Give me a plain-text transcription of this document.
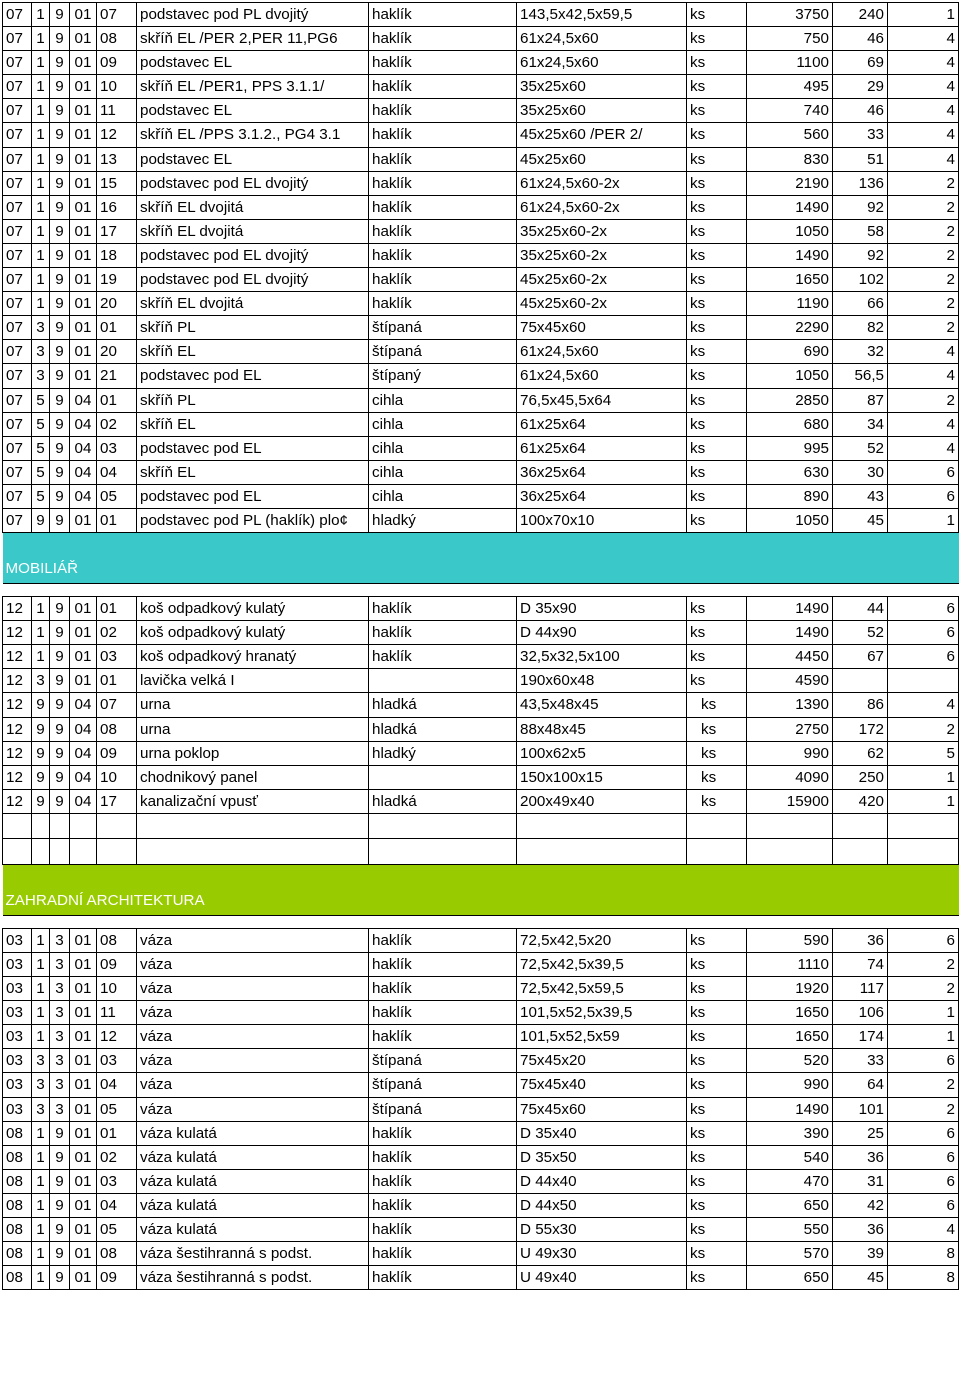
07	1	9	01	07	podstavec pod PL dvojitý	haklík	143,5x42,5x59,5	ks	3750	240	1
07	1	9	01	08	skříň EL /PER 2,PER 11,PG6	haklík	61x24,5x60	ks	750	46	4
07	1	9	01	09	podstavec EL	haklík	61x24,5x60	ks	1100	69	4
07	1	9	01	10	skříň EL /PER1, PPS 3.1.1/	haklík	35x25x60	ks	495	29	4
07	1	9	01	11	podstavec EL	haklík	35x25x60	ks	740	46	4
07	1	9	01	12	skříň EL /PPS 3.1.2., PG4 3.1	haklík	45x25x60 /PER 2/	ks	560	33	4
07	1	9	01	13	podstavec EL	haklík	45x25x60	ks	830	51	4
07	1	9	01	15	podstavec pod EL dvojitý	haklík	61x24,5x60-2x	ks	2190	136	2
07	1	9	01	16	skříň EL dvojitá	haklík	61x24,5x60-2x	ks	1490	92	2
07	1	9	01	17	skříň EL dvojitá	haklík	35x25x60-2x	ks	1050	58	2
07	1	9	01	18	podstavec pod EL dvojitý	haklík	35x25x60-2x	ks	1490	92	2
07	1	9	01	19	podstavec pod EL dvojitý	haklík	45x25x60-2x	ks	1650	102	2
07	1	9	01	20	skříň EL dvojitá	haklík	45x25x60-2x	ks	1190	66	2
07	3	9	01	01	skříň PL	štípaná	75x45x60	ks	2290	82	2
07	3	9	01	20	skříň EL	štípaná	61x24,5x60	ks	690	32	4
07	3	9	01	21	podstavec pod EL	štípaný	61x24,5x60	ks	1050	56,5	4
07	5	9	04	01	skříň PL	cihla	76,5x45,5x64	ks	2850	87	2
07	5	9	04	02	skříň EL	cihla	61x25x64	ks	680	34	4
07	5	9	04	03	podstavec pod EL	cihla	61x25x64	ks	995	52	4
07	5	9	04	04	skříň EL	cihla	36x25x64	ks	630	30	6
07	5	9	04	05	podstavec pod EL	cihla	36x25x64	ks	890	43	6
07	9	9	01	01	podstavec pod PL (haklík) plo¢	hladký	100x70x10	ks	1050	45	1
MOBILIÁŘ											

12	1	9	01	01	koš odpadkový kulatý	haklík	D 35x90	ks	1490	44	6
12	1	9	01	02	koš odpadkový kulatý	haklík	D 44x90	ks	1490	52	6
12	1	9	01	03	koš odpadkový hranatý	haklík	32,5x32,5x100	ks	4450	67	6
12	3	9	01	01	lavička velká I		190x60x48	ks	4590		
12	9	9	04	07	urna	hladká	43,5x48x45	ks	1390	86	4
12	9	9	04	08	urna	hladká	88x48x45	ks	2750	172	2
12	9	9	04	09	urna poklop	hladký	100x62x5	ks	990	62	5
12	9	9	04	10	chodnikový panel		150x100x15	ks	4090	250	1
12	9	9	04	17	kanalizační vpusť	hladká	200x49x40	ks	15900	420	1

ZAHRADNÍ ARCHITEKTURA											

03	1	3	01	08	váza	haklík	72,5x42,5x20	ks	590	36	6
03	1	3	01	09	váza	haklík	72,5x42,5x39,5	ks	1110	74	2
03	1	3	01	10	váza	haklík	72,5x42,5x59,5	ks	1920	117	2
03	1	3	01	11	váza	haklík	101,5x52,5x39,5	ks	1650	106	1
03	1	3	01	12	váza	haklík	101,5x52,5x59	ks	1650	174	1
03	3	3	01	03	váza	štípaná	75x45x20	ks	520	33	6
03	3	3	01	04	váza	štípaná	75x45x40	ks	990	64	2
03	3	3	01	05	váza	štípaná	75x45x60	ks	1490	101	2
08	1	9	01	01	váza kulatá	haklík	D 35x40	ks	390	25	6
08	1	9	01	02	váza kulatá	haklík	D 35x50	ks	540	36	6
08	1	9	01	03	váza kulatá	haklík	D 44x40	ks	470	31	6
08	1	9	01	04	váza kulatá	haklík	D 44x50	ks	650	42	6
08	1	9	01	05	váza kulatá	haklík	D 55x30	ks	550	36	4
08	1	9	01	08	váza šestihranná s podst.	haklík	U 49x30	ks	570	39	8
08	1	9	01	09	váza šestihranná s podst.	haklík	U 49x40	ks	650	45	8
